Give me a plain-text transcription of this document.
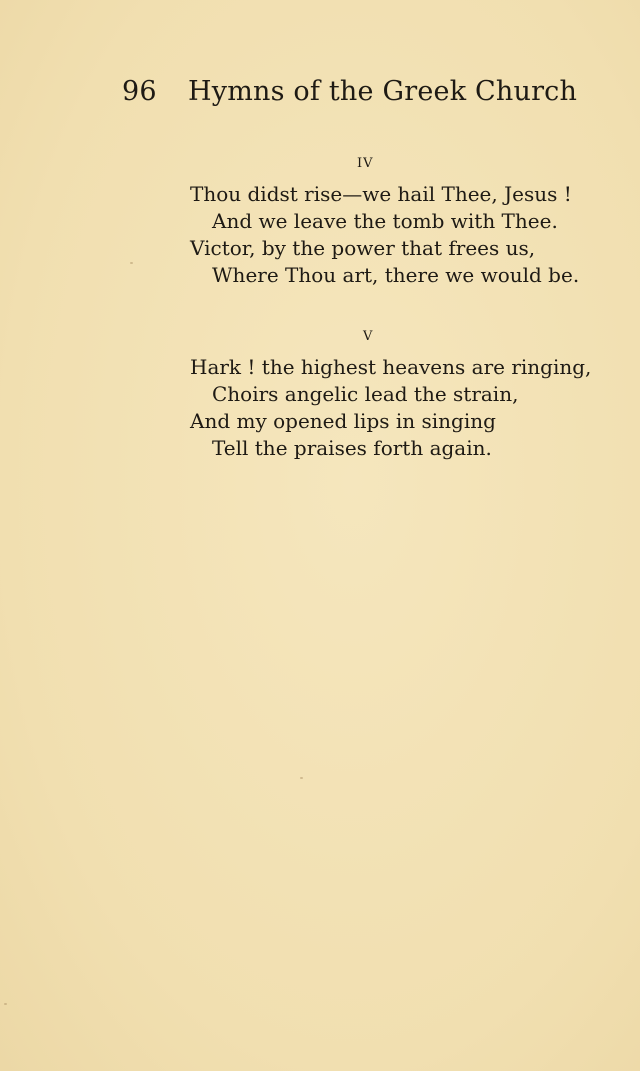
96 Hymns of the Greek Church
IV
Thou didst rise—we hail Thee, Jesus !
And we leave the tomb with Thee.
Victor, by the power that frees us,
Where Thou art, there we would be.
V
Hark ! the highest heavens are ringing,
Choirs angelic lead the strain,
And my opened lips in singing
Tell the praises forth again.
